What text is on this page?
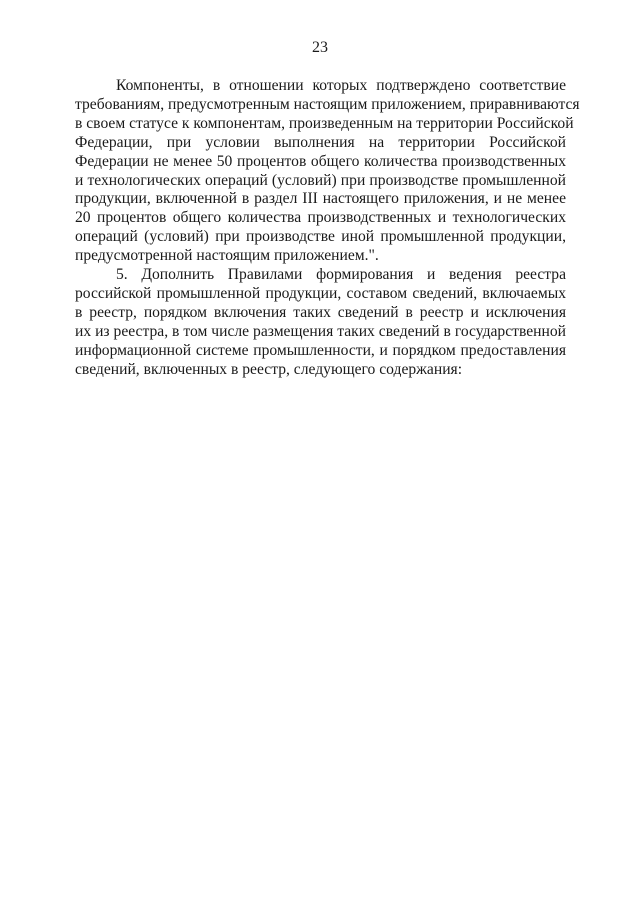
23
Компоненты, в отношении которых подтверждено соответствие
требованиям, предусмотренным настоящим приложением, приравниваются
в своем статусе к компонентам, произведенным на территории Российской
Федерации, при условии выполнения на территории Российской
Федерации не менее 50 процентов общего количества производственных
и технологических операций (условий) при производстве промышленной
продукции, включенной в раздел III настоящего приложения, и не менее
20 процентов общего количества производственных и технологических
операций (условий) при производстве иной промышленной продукции,
предусмотренной настоящим приложением.".
5. Дополнить Правилами формирования и ведения реестра
российской промышленной продукции, составом сведений, включаемых
в реестр, порядком включения таких сведений в реестр и исключения
их из реестра, в том числе размещения таких сведений в государственной
информационной системе промышленности, и порядком предоставления
сведений, включенных в реестр, следующего содержания:
